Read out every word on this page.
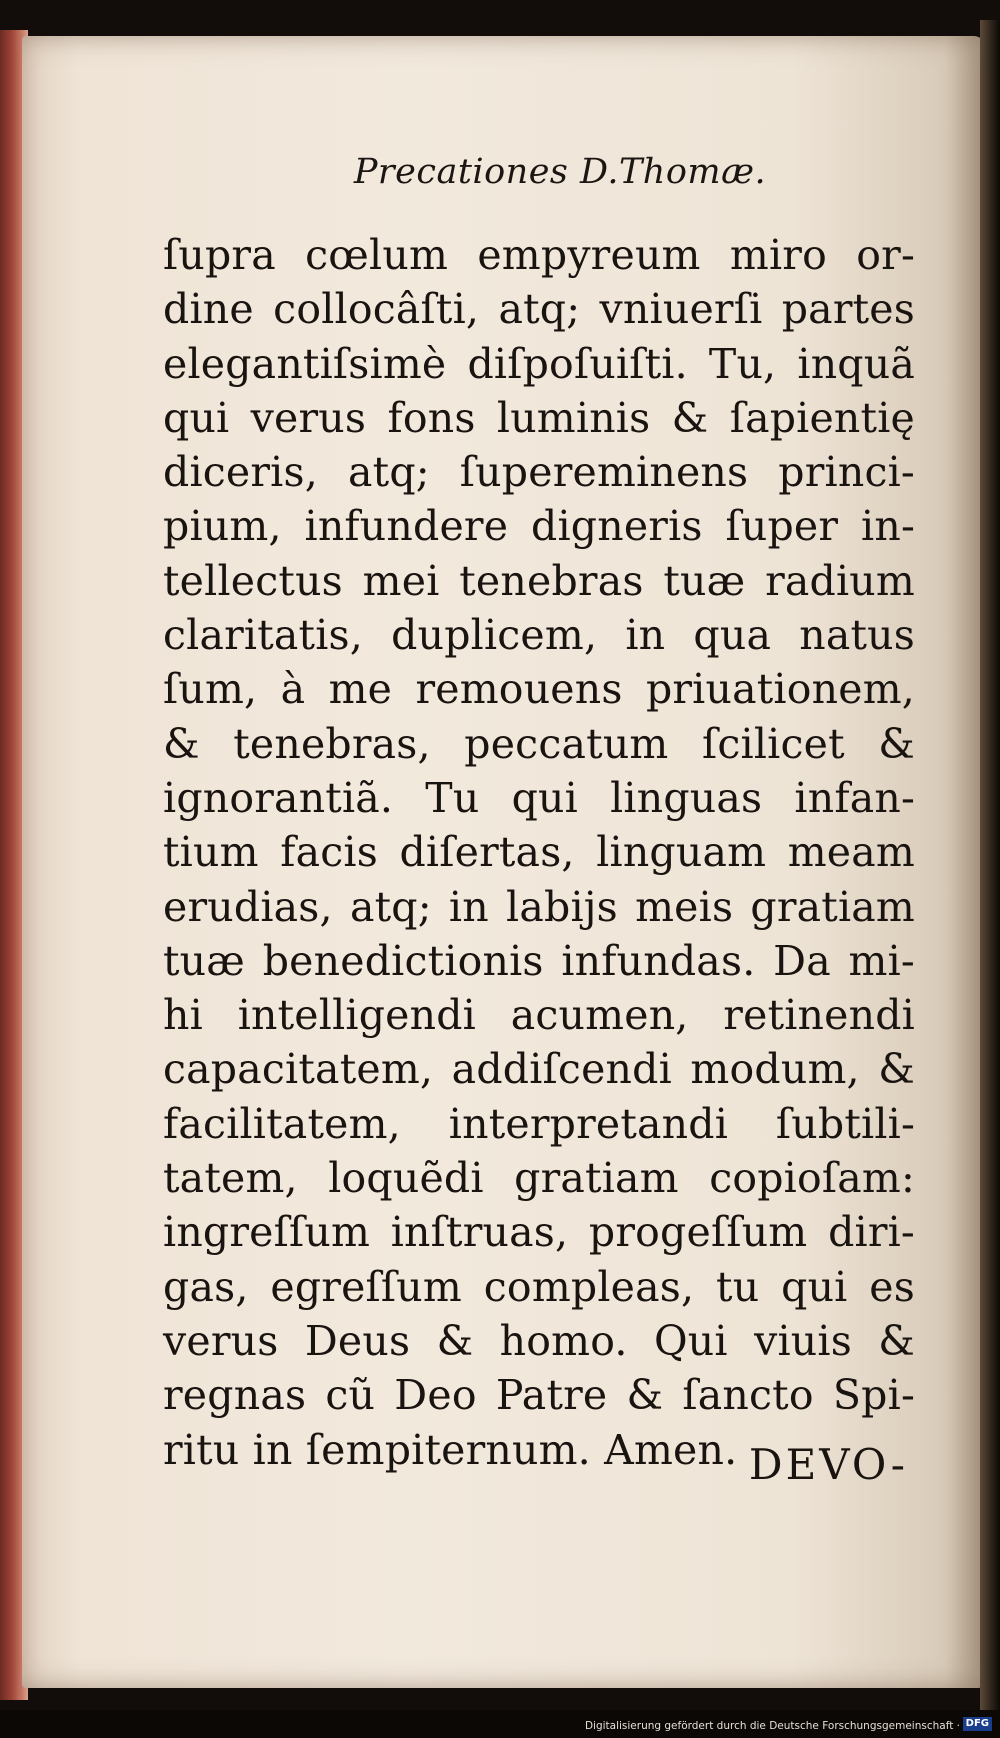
Precationes D.Thomæ.
ſupra cœlum empyreum miro or-
dine collocâſti, atq; vniuerſi partes
elegantiſsimè diſpoſuiſti. Tu, inquã
qui verus fons luminis & ſapientię
diceris, atq; ſupereminens princi-
pium, infundere digneris ſuper in-
tellectus mei tenebras tuæ radium
claritatis, duplicem, in qua natus
ſum, à me remouens priuationem,
& tenebras, peccatum ſcilicet &
ignorantiã. Tu qui linguas infan-
tium facis diſertas, linguam meam
erudias, atq; in labijs meis gratiam
tuæ benedictionis infundas. Da mi-
hi intelligendi acumen, retinendi
capacitatem, addiſcendi modum, &
facilitatem, interpretandi ſubtili-
tatem, loquẽdi gratiam copioſam:
ingreſſum inſtruas, progeſſum diri-
gas, egreſſum compleas, tu qui es
verus Deus & homo. Qui viuis &
regnas cũ Deo Patre & ſancto Spi-
ritu in ſempiternum. Amen. DEVO-
Digitalisierung gefördert durch die Deutsche Forschungsgemeinschaft · DFG
